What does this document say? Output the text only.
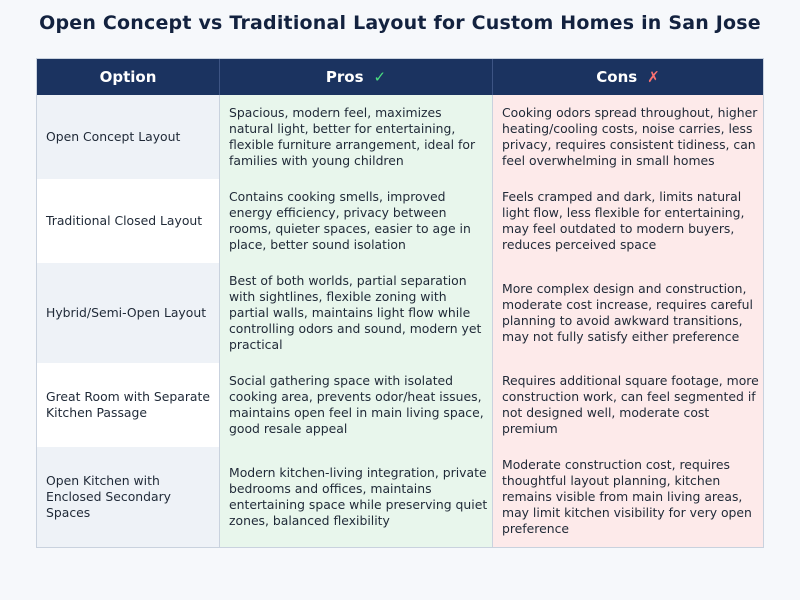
Open Concept vs Traditional Layout for Custom Homes in San Jose
Option	Pros ✓	Cons ✗
Open Concept Layout
Spacious, modern feel, maximizes natural light, better for entertaining, flexible furniture arrangement, ideal for families with young children
Cooking odors spread throughout, higher heating/cooling costs, noise carries, less privacy, requires consistent tidiness, can feel overwhelming in small homes
Traditional Closed Layout
Contains cooking smells, improved energy efficiency, privacy between rooms, quieter spaces, easier to age in place, better sound isolation
Feels cramped and dark, limits natural light flow, less flexible for entertaining, may feel outdated to modern buyers, reduces perceived space
Hybrid/Semi-Open Layout
Best of both worlds, partial separation with sightlines, flexible zoning with partial walls, maintains light flow while controlling odors and sound, modern yet practical
More complex design and construction, moderate cost increase, requires careful planning to avoid awkward transitions, may not fully satisfy either preference
Great Room with Separate Kitchen Passage
Social gathering space with isolated cooking area, prevents odor/heat issues, maintains open feel in main living space, good resale appeal
Requires additional square footage, more construction work, can feel segmented if not designed well, moderate cost premium
Open Kitchen with Enclosed Secondary Spaces
Modern kitchen-living integration, private bedrooms and offices, maintains entertaining space while preserving quiet zones, balanced flexibility
Moderate construction cost, requires thoughtful layout planning, kitchen remains visible from main living areas, may limit kitchen visibility for very open preference
